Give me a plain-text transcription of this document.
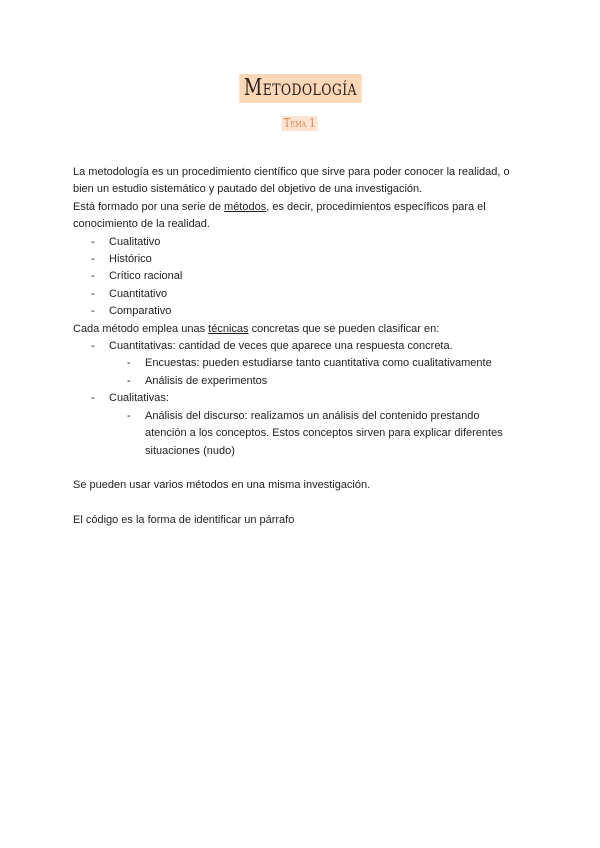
Metodología
Tema 1

La metodología es un procedimiento científico que sirve para poder conocer la realidad, o

bien un estudio sistemático y pautado del objetivo de una investigación.

Está formado por una serie de métodos, es decir, procedimientos específicos para el

conocimiento de la realidad.

- Cualitativo
- Histórico
- Crítico racional
- Cuantitativo
- Comparativo

Cada método emplea unas técnicas concretas que se pueden clasificar en:

- Cuantitativas: cantidad de veces que aparece una respuesta concreta.
- Encuestas: pueden estudiarse tanto cuantitativa como cualitativamente
- Análisis de experimentos
- Cualitativas:
- Análisis del discurso: realizamos un análisis del contenido prestando atención a los conceptos. Estos conceptos sirven para explicar diferentes situaciones (nudo)

Se pueden usar varios métodos en una misma investigación.

El código es la forma de identificar un párrafo
